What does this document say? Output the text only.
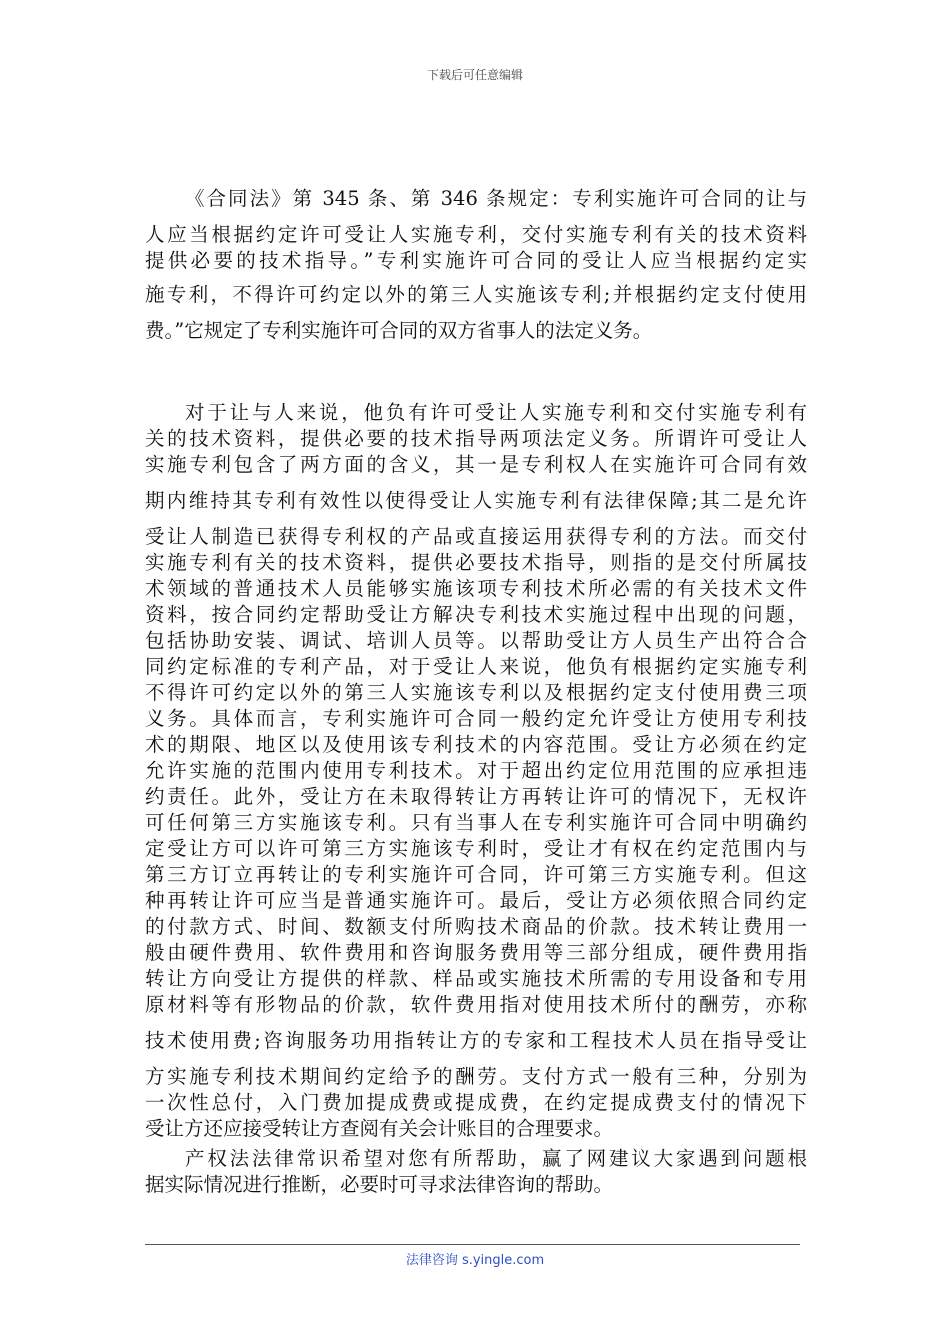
下载后可任意编辑
《合同法》第 345 条、第 346 条规定：专利实施许可合同的让与
人应当根据约定许可受让人实施专利，交付实施专利有关的技术资料
提供必要的技术指导。”专利实施许可合同的受让人应当根据约定实
施专利，不得许可约定以外的第三人实施该专利;并根据约定支付使用
费。”它规定了专利实施许可合同的双方省事人的法定义务。
对于让与人来说，他负有许可受让人实施专利和交付实施专利有
关的技术资料，提供必要的技术指导两项法定义务。所谓许可受让人
实施专利包含了两方面的含义，其一是专利权人在实施许可合同有效
期内维持其专利有效性以使得受让人实施专利有法律保障;其二是允许
受让人制造已获得专利权的产品或直接运用获得专利的方法。而交付
实施专利有关的技术资料，提供必要技术指导，则指的是交付所属技
术领域的普通技术人员能够实施该项专利技术所必需的有关技术文件
资料，按合同约定帮助受让方解决专利技术实施过程中出现的问题，
包括协助安装、调试、培训人员等。以帮助受让方人员生产出符合合
同约定标准的专利产品，对于受让人来说，他负有根据约定实施专利
不得许可约定以外的第三人实施该专利以及根据约定支付使用费三项
义务。具体而言，专利实施许可合同一般约定允许受让方使用专利技
术的期限、地区以及使用该专利技术的内容范围。受让方必须在约定
允许实施的范围内使用专利技术。对于超出约定位用范围的应承担违
约责任。此外，受让方在未取得转让方再转让许可的情况下，无权许
可任何第三方实施该专利。只有当事人在专利实施许可合同中明确约
定受让方可以许可第三方实施该专利时，受让才有权在约定范围内与
第三方订立再转让的专利实施许可合同，许可第三方实施专利。但这
种再转让许可应当是普通实施许可。最后，受让方必须依照合同约定
的付款方式、时间、数额支付所购技术商品的价款。技术转让费用一
般由硬件费用、软件费用和咨询服务费用等三部分组成，硬件费用指
转让方向受让方提供的样款、样品或实施技术所需的专用设备和专用
原材料等有形物品的价款，软件费用指对使用技术所付的酬劳，亦称
技术使用费;咨询服务功用指转让方的专家和工程技术人员在指导受让
方实施专利技术期间约定给予的酬劳。支付方式一般有三种，分别为
一次性总付，入门费加提成费或提成费，在约定提成费支付的情况下
受让方还应接受转让方查阅有关会计账目的合理要求。
产权法法律常识希望对您有所帮助，赢了网建议大家遇到问题根
据实际情况进行推断，必要时可寻求法律咨询的帮助。
法律咨询 s.yingle.com
